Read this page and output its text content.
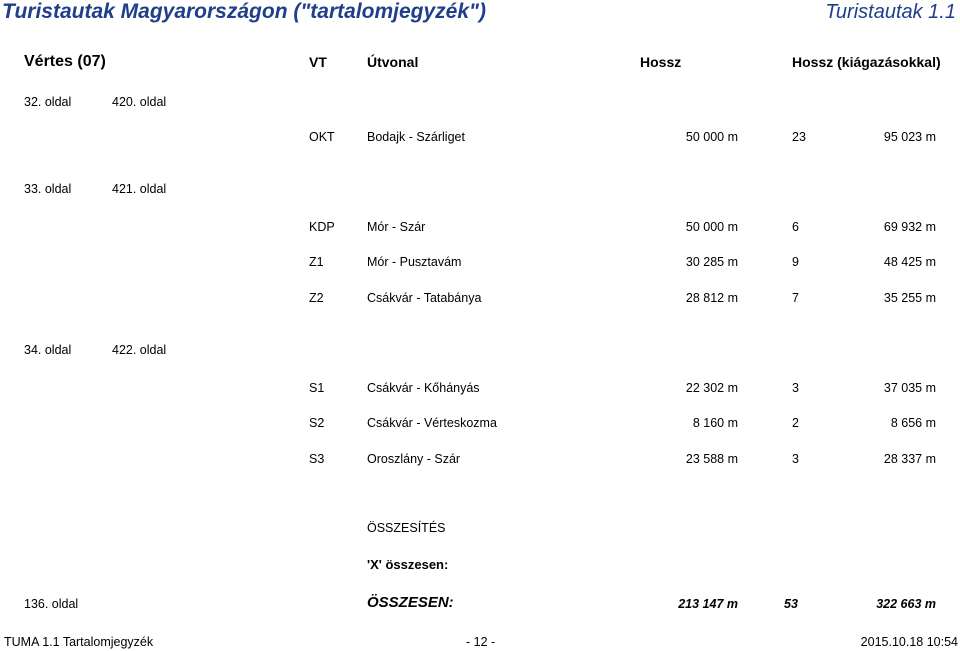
Turistautak Magyarországon ("tartalomjegyzék")	Turistautak 1.1
Vértes (07)	VT	Útvonal	Hossz	Hossz (kiágazásokkal)
32. oldal	420. oldal
OKT	Bodajk - Szárliget	50 000 m	23	95 023 m
33. oldal	421. oldal
KDP	Mór - Szár	50 000 m	6	69 932 m
Z1	Mór - Pusztavám	30 285 m	9	48 425 m
Z2	Csákvár - Tatabánya	28 812 m	7	35 255 m
34. oldal	422. oldal
S1	Csákvár - Kőhányás	22 302 m	3	37 035 m
S2	Csákvár - Vérteskozma	8 160 m	2	8 656 m
S3	Oroszlány - Szár	23 588 m	3	28 337 m
ÖSSZESÍTÉS
'X' összesen:
136. oldal	ÖSSZESEN:	213 147 m	53	322 663 m
TUMA 1.1 Tartalomjegyzék	- 12 -	2015.10.18 10:54
